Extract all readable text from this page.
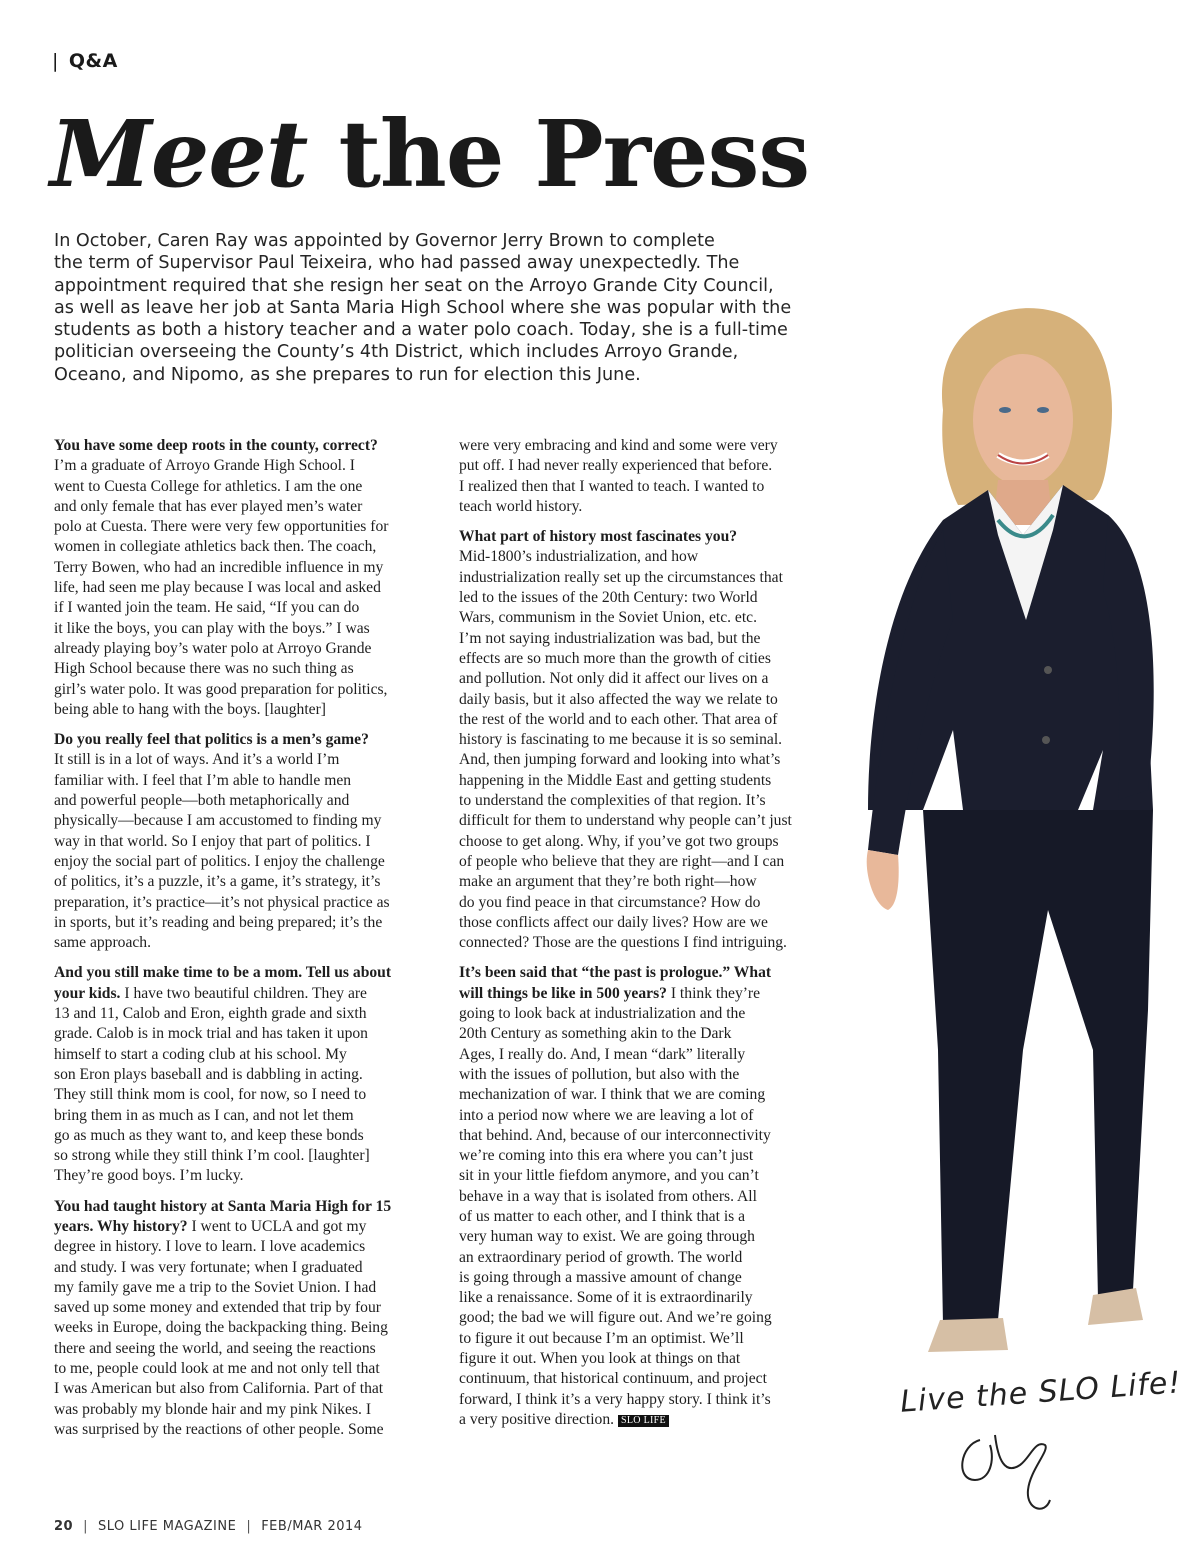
| Q&A
Meet the Press
In October, Caren Ray was appointed by Governor Jerry Brown to complete
the term of Supervisor Paul Teixeira, who had passed away unexpectedly. The
appointment required that she resign her seat on the Arroyo Grande City Council,
as well as leave her job at Santa Maria High School where she was popular with the
students as both a history teacher and a water polo coach. Today, she is a full-time
politician overseeing the County’s 4th District, which includes Arroyo Grande,
Oceano, and Nipomo, as she prepares to run for election this June.

You have some deep roots in the county, correct?
I’m a graduate of Arroyo Grande High School. I
went to Cuesta College for athletics. I am the one
and only female that has ever played men’s water
polo at Cuesta. There were very few opportunities for
women in collegiate athletics back then. The coach,
Terry Bowen, who had an incredible influence in my
life, had seen me play because I was local and asked
if I wanted join the team. He said, “If you can do
it like the boys, you can play with the boys.” I was
already playing boy’s water polo at Arroyo Grande
High School because there was no such thing as
girl’s water polo. It was good preparation for politics,
being able to hang with the boys. [laughter]

Do you really feel that politics is a men’s game?
It still is in a lot of ways. And it’s a world I’m
familiar with. I feel that I’m able to handle men
and powerful people—both metaphorically and
physically—because I am accustomed to finding my
way in that world. So I enjoy that part of politics. I
enjoy the social part of politics. I enjoy the challenge
of politics, it’s a puzzle, it’s a game, it’s strategy, it’s
preparation, it’s practice—it’s not physical practice as
in sports, but it’s reading and being prepared; it’s the
same approach.

And you still make time to be a mom. Tell us about
your kids. I have two beautiful children. They are
13 and 11, Calob and Eron, eighth grade and sixth
grade. Calob is in mock trial and has taken it upon
himself to start a coding club at his school. My
son Eron plays baseball and is dabbling in acting.
They still think mom is cool, for now, so I need to
bring them in as much as I can, and not let them
go as much as they want to, and keep these bonds
so strong while they still think I’m cool. [laughter]
They’re good boys. I’m lucky.

You had taught history at Santa Maria High for 15
years. Why history? I went to UCLA and got my
degree in history. I love to learn. I love academics
and study. I was very fortunate; when I graduated
my family gave me a trip to the Soviet Union. I had
saved up some money and extended that trip by four
weeks in Europe, doing the backpacking thing. Being
there and seeing the world, and seeing the reactions
to me, people could look at me and not only tell that
I was American but also from California. Part of that
was probably my blonde hair and my pink Nikes. I
was surprised by the reactions of other people. Some

were very embracing and kind and some were very
put off. I had never really experienced that before.
I realized then that I wanted to teach. I wanted to
teach world history.

What part of history most fascinates you?
Mid-1800’s industrialization, and how
industrialization really set up the circumstances that
led to the issues of the 20th Century: two World
Wars, communism in the Soviet Union, etc. etc.
I’m not saying industrialization was bad, but the
effects are so much more than the growth of cities
and pollution. Not only did it affect our lives on a
daily basis, but it also affected the way we relate to
the rest of the world and to each other. That area of
history is fascinating to me because it is so seminal.
And, then jumping forward and looking into what’s
happening in the Middle East and getting students
to understand the complexities of that region. It’s
difficult for them to understand why people can’t just
choose to get along. Why, if you’ve got two groups
of people who believe that they are right—and I can
make an argument that they’re both right—how
do you find peace in that circumstance? How do
those conflicts affect our daily lives? How are we
connected? Those are the questions I find intriguing.

It’s been said that “the past is prologue.” What
will things be like in 500 years? I think they’re
going to look back at industrialization and the
20th Century as something akin to the Dark
Ages, I really do. And, I mean “dark” literally
with the issues of pollution, but also with the
mechanization of war. I think that we are coming
into a period now where we are leaving a lot of
that behind. And, because of our interconnectivity
we’re coming into this era where you can’t just
sit in your little fiefdom anymore, and you can’t
behave in a way that is isolated from others. All
of us matter to each other, and I think that is a
very human way to exist. We are going through
an extraordinary period of growth. The world
is going through a massive amount of change
like a renaissance. Some of it is extraordinarily
good; the bad we will figure out. And we’re going
to figure it out because I’m an optimist. We’ll
figure it out. When you look at things on that
continuum, that historical continuum, and project
forward, I think it’s a very happy story. I think it’s
a very positive direction. SLO LIFE

Live the SLO Life!
20 | SLO LIFE MAGAZINE | FEB/MAR 2014
